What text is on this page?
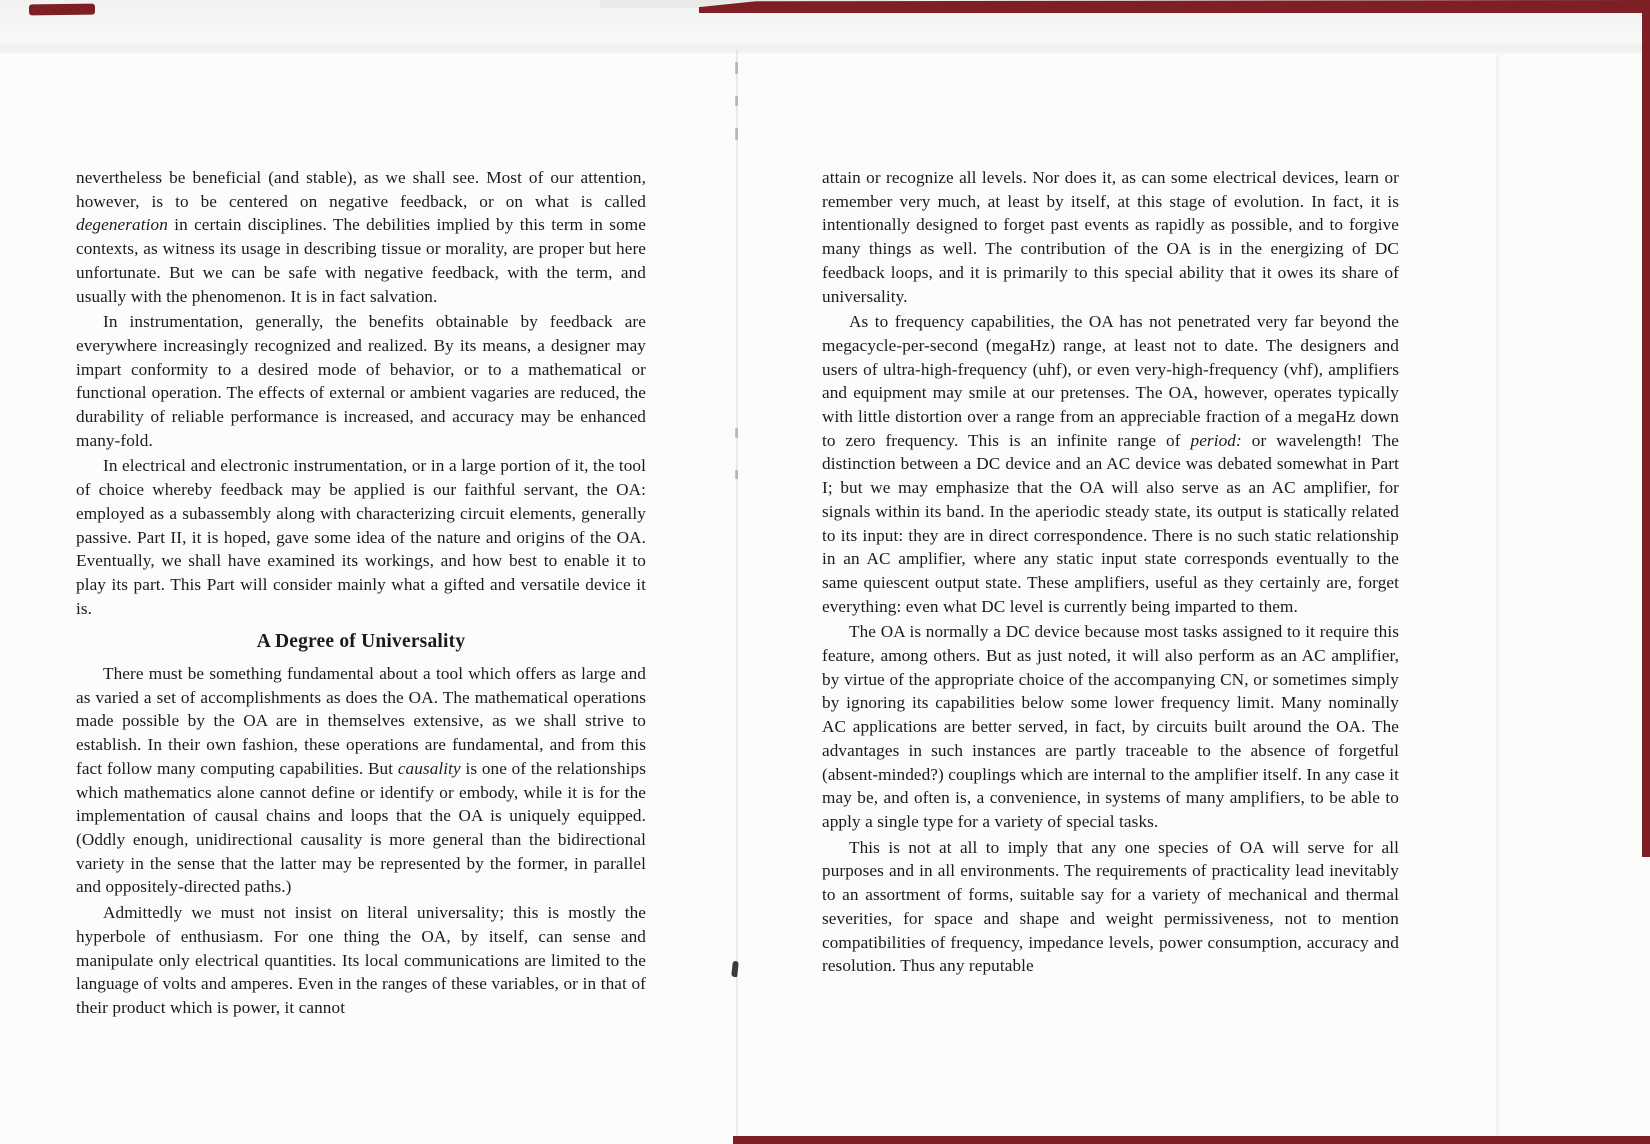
nevertheless be beneficial (and stable), as we shall see. Most of our attention, however, is to be centered on negative feedback, or on what is called degeneration in certain disciplines. The debilities implied by this term in some contexts, as witness its usage in describing tissue or morality, are proper but here unfortunate. But we can be safe with negative feedback, with the term, and usually with the phenomenon. It is in fact salvation.

In instrumentation, generally, the benefits obtainable by feedback are everywhere increasingly recognized and realized. By its means, a designer may impart conformity to a desired mode of behavior, or to a mathematical or functional operation. The effects of external or ambient vagaries are reduced, the durability of reliable performance is increased, and accuracy may be enhanced many-fold.

In electrical and electronic instrumentation, or in a large portion of it, the tool of choice whereby feedback may be applied is our faithful servant, the OA: employed as a subassembly along with characterizing circuit elements, generally passive. Part II, it is hoped, gave some idea of the nature and origins of the OA. Eventually, we shall have examined its workings, and how best to enable it to play its part. This Part will consider mainly what a gifted and versatile device it is.

A Degree of Universality

There must be something fundamental about a tool which offers as large and as varied a set of accomplishments as does the OA. The mathematical operations made possible by the OA are in themselves extensive, as we shall strive to establish. In their own fashion, these operations are fundamental, and from this fact follow many computing capabilities. But causality is one of the relationships which mathematics alone cannot define or identify or embody, while it is for the implementation of causal chains and loops that the OA is uniquely equipped. (Oddly enough, unidirectional causality is more general than the bidirectional variety in the sense that the latter may be represented by the former, in parallel and oppositely-directed paths.)

Admittedly we must not insist on literal universality; this is mostly the hyperbole of enthusiasm. For one thing the OA, by itself, can sense and manipulate only electrical quantities. Its local communications are limited to the language of volts and amperes. Even in the ranges of these variables, or in that of their product which is power, it cannot

attain or recognize all levels. Nor does it, as can some electrical devices, learn or remember very much, at least by itself, at this stage of evolution. In fact, it is intentionally designed to forget past events as rapidly as possible, and to forgive many things as well. The contribution of the OA is in the energizing of DC feedback loops, and it is primarily to this special ability that it owes its share of universality.

As to frequency capabilities, the OA has not penetrated very far beyond the megacycle-per-second (megaHz) range, at least not to date. The designers and users of ultra-high-frequency (uhf), or even very-high-frequency (vhf), amplifiers and equipment may smile at our pretenses. The OA, however, operates typically with little distortion over a range from an appreciable fraction of a megaHz down to zero frequency. This is an infinite range of period: or wavelength! The distinction between a DC device and an AC device was debated somewhat in Part I; but we may emphasize that the OA will also serve as an AC amplifier, for signals within its band. In the aperiodic steady state, its output is statically related to its input: they are in direct correspondence. There is no such static relationship in an AC amplifier, where any static input state corresponds eventually to the same quiescent output state. These amplifiers, useful as they certainly are, forget everything: even what DC level is currently being imparted to them.

The OA is normally a DC device because most tasks assigned to it require this feature, among others. But as just noted, it will also perform as an AC amplifier, by virtue of the appropriate choice of the accompanying CN, or sometimes simply by ignoring its capabilities below some lower frequency limit. Many nominally AC applications are better served, in fact, by circuits built around the OA. The advantages in such instances are partly traceable to the absence of forgetful (absent-minded?) couplings which are internal to the amplifier itself. In any case it may be, and often is, a convenience, in systems of many amplifiers, to be able to apply a single type for a variety of special tasks.

This is not at all to imply that any one species of OA will serve for all purposes and in all environments. The requirements of practicality lead inevitably to an assortment of forms, suitable say for a variety of mechanical and thermal severities, for space and shape and weight permissiveness, not to mention compatibilities of frequency, impedance levels, power consumption, accuracy and resolution. Thus any reputable
